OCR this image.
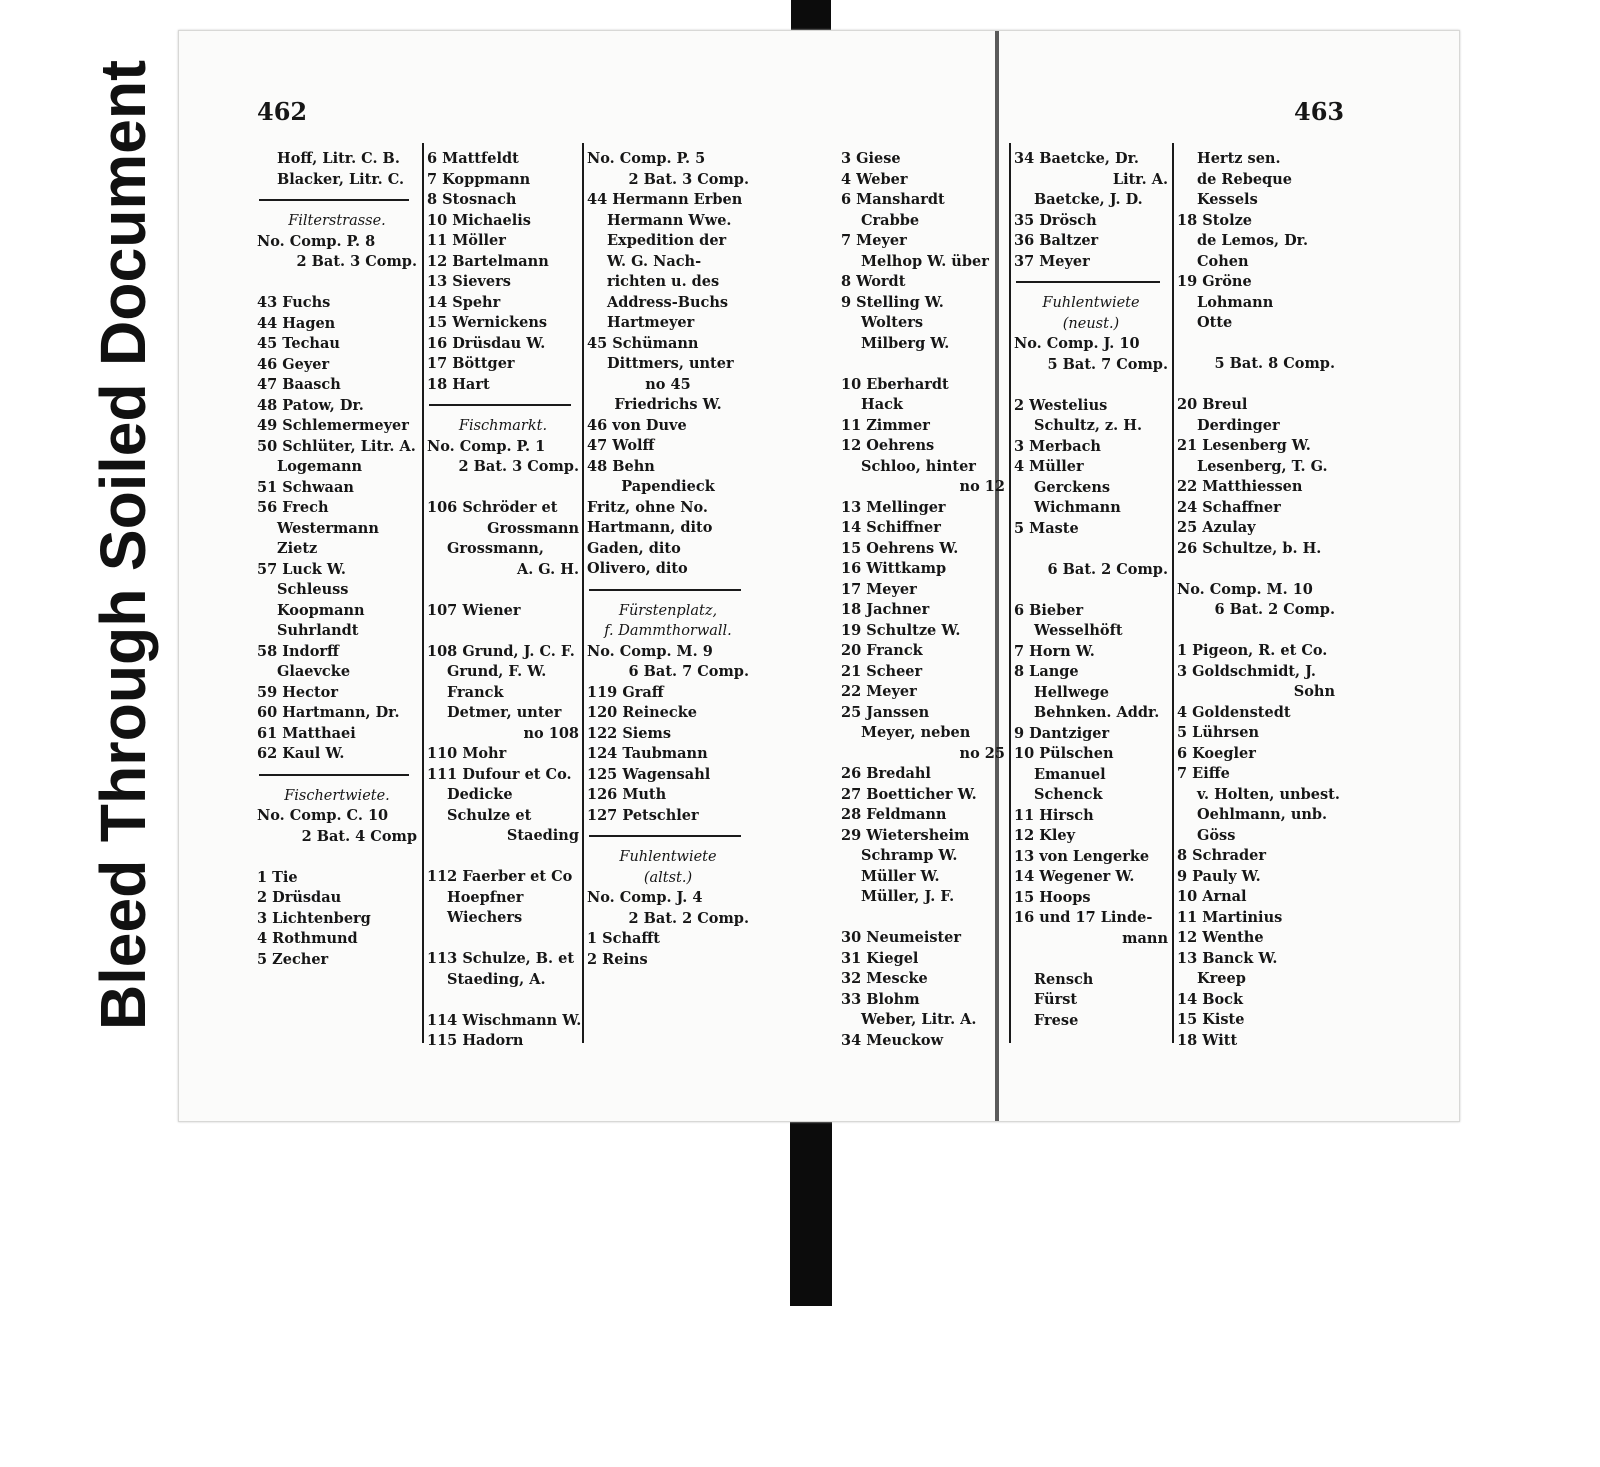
Bleed Through Soiled Document	462	463
Hoff, Litr. C. B.
Blacker, Litr. C.
Filterstrasse.
No. Comp. P. 8
2 Bat. 3 Comp.
43 Fuchs
44 Hagen
45 Techau
46 Geyer
47 Baasch
48 Patow, Dr.
49 Schlemermeyer
50 Schlüter, Litr. A.
Logemann
51 Schwaan
56 Frech
Westermann
Zietz
57 Luck W.
Schleuss
Koopmann
Suhrlandt
58 Indorff
Glaevcke
59 Hector
60 Hartmann, Dr.
61 Matthaei
62 Kaul W.
Fischertwiete.
No. Comp. C. 10
2 Bat. 4 Comp
1 Tie
2 Drüsdau
3 Lichtenberg
4 Rothmund
5 Zecher
6 Mattfeldt
7 Koppmann
8 Stosnach
10 Michaelis
11 Möller
12 Bartelmann
13 Sievers
14 Spehr
15 Wernickens
16 Drüsdau W.
17 Böttger
18 Hart
Fischmarkt.
No. Comp. P. 1
2 Bat. 3 Comp.
106 Schröder et
Grossmann
Grossmann,
A. G. H.
107 Wiener
108 Grund, J. C. F.
Grund, F. W.
Franck
Detmer, unter
no 108
110 Mohr
111 Dufour et Co.
Dedicke
Schulze et
Staeding
112 Faerber et Co
Hoepfner
Wiechers
113 Schulze, B. et
Staeding, A.
114 Wischmann W.
115 Hadorn
No. Comp. P. 5
2 Bat. 3 Comp.
44 Hermann Erben
Hermann Wwe.
Expedition der
W. G. Nach-
richten u. des
Address-Buchs
Hartmeyer
45 Schümann
Dittmers, unter
no 45
Friedrichs W.
46 von Duve
47 Wolff
48 Behn
Papendieck
Fritz, ohne No.
Hartmann, dito
Gaden, dito
Olivero, dito
Fürstenplatz,
f. Dammthorwall.
No. Comp. M. 9
6 Bat. 7 Comp.
119 Graff
120 Reinecke
122 Siems
124 Taubmann
125 Wagensahl
126 Muth
127 Petschler
Fuhlentwiete
(altst.)
No. Comp. J. 4
2 Bat. 2 Comp.
1 Schafft
2 Reins
3 Giese
4 Weber
6 Manshardt
Crabbe
7 Meyer
Melhop W. über
8 Wordt
9 Stelling W.
Wolters
Milberg W.
10 Eberhardt
Hack
11 Zimmer
12 Oehrens
Schloo, hinter
no 12
13 Mellinger
14 Schiffner
15 Oehrens W.
16 Wittkamp
17 Meyer
18 Jachner
19 Schultze W.
20 Franck
21 Scheer
22 Meyer
25 Janssen
Meyer, neben
no 25
26 Bredahl
27 Boetticher W.
28 Feldmann
29 Wietersheim
Schramp W.
Müller W.
Müller, J. F.
30 Neumeister
31 Kiegel
32 Mescke
33 Blohm
Weber, Litr. A.
34 Meuckow
34 Baetcke, Dr.
Litr. A.
Baetcke, J. D.
35 Drösch
36 Baltzer
37 Meyer
Fuhlentwiete
(neust.)
No. Comp. J. 10
5 Bat. 7 Comp.
2 Westelius
Schultz, z. H.
3 Merbach
4 Müller
Gerckens
Wichmann
5 Maste
6 Bat. 2 Comp.
6 Bieber
Wesselhöft
7 Horn W.
8 Lange
Hellwege
Behnken. Addr.
9 Dantziger
10 Pülschen
Emanuel
Schenck
11 Hirsch
12 Kley
13 von Lengerke
14 Wegener W.
15 Hoops
16 und 17 Linde-
mann
Rensch
Fürst
Frese
Hertz sen.
de Rebeque
Kessels
18 Stolze
de Lemos, Dr.
Cohen
19 Gröne
Lohmann
Otte
5 Bat. 8 Comp.
20 Breul
Derdinger
21 Lesenberg W.
Lesenberg, T. G.
22 Matthiessen
24 Schaffner
25 Azulay
26 Schultze, b. H.
No. Comp. M. 10
6 Bat. 2 Comp.
1 Pigeon, R. et Co.
3 Goldschmidt, J.
Sohn
4 Goldenstedt
5 Lührsen
6 Koegler
7 Eiffe
v. Holten, unbest.
Oehlmann, unb.
Göss
8 Schrader
9 Pauly W.
10 Arnal
11 Martinius
12 Wenthe
13 Banck W.
Kreep
14 Bock
15 Kiste
18 Witt
